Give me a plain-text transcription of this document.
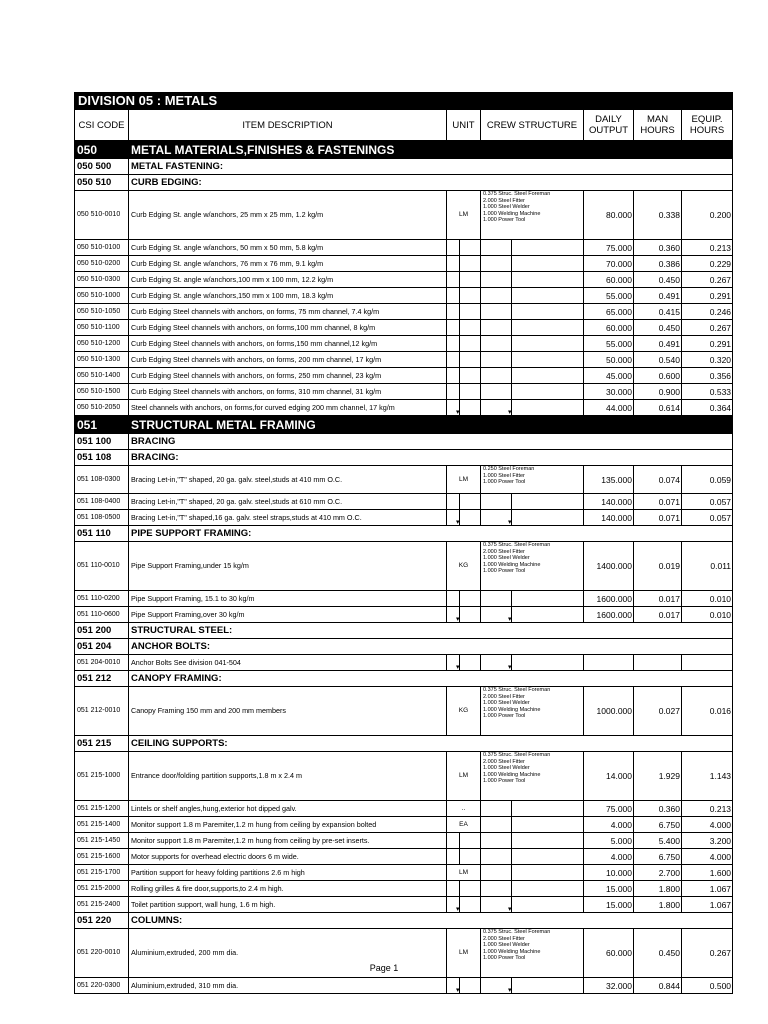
DIVISION 05 : METALS						
CSI CODE	ITEM DESCRIPTION	UNIT	CREW STRUCTURE	DAILY OUTPUT	MAN HOURS	EQUIP. HOURS
050	METAL MATERIALS,FINISHES & FASTENINGS					
050 500	METAL FASTENING:					
050 510	CURB EDGING:					
050 510-0010	Curb Edging St. angle w/anchors, 25 mm x 25 mm, 1.2 kg/m	LM	0.375 Struc. Steel Foreman
2.000 Steel Fitter
1.000 Steel Welder
1.000 Welding Machine
1.000 Power Tool	80.000	0.338	0.200
050 510-0100	Curb Edging St. angle w/anchors, 50 mm x 50 mm, 5.8 kg/m			75.000	0.360	0.213
050 510-0200	Curb Edging St. angle w/anchors, 76 mm x 76 mm, 9.1 kg/m			70.000	0.386	0.229
050 510-0300	Curb Edging St. angle w/anchors,100 mm x 100 mm, 12.2 kg/m			60.000	0.450	0.267
050 510-1000	Curb Edging St. angle w/anchors,150 mm x 100 mm, 18.3 kg/m			55.000	0.491	0.291
050 510-1050	Curb Edging Steel channels with anchors, on forms, 75 mm channel, 7.4 kg/m			65.000	0.415	0.246
050 510-1100	Curb Edging Steel channels with anchors, on forms,100 mm channel, 8 kg/m			60.000	0.450	0.267
050 510-1200	Curb Edging Steel channels with anchors, on forms,150 mm channel,12 kg/m			55.000	0.491	0.291
050 510-1300	Curb Edging Steel channels with anchors, on forms, 200 mm channel, 17 kg/m			50.000	0.540	0.320
050 510-1400	Curb Edging Steel channels with anchors, on forms, 250 mm channel, 23 kg/m			45.000	0.600	0.356
050 510-1500	Curb Edging Steel channels with anchors, on forms, 310 mm channel, 31 kg/m			30.000	0.900	0.533
050 510-2050	Steel channels with anchors, on forms,for curved edging 200 mm channel, 17 kg/m	▾	▾	44.000	0.614	0.364
051	STRUCTURAL METAL FRAMING					
051 100	BRACING					
051 108	BRACING:					
051 108-0300	Bracing Let-in,"T" shaped, 20 ga. galv. steel,studs at 410 mm O.C.	LM	0.250 Steel Foreman
1.000 Steel Fitter
1.000 Power Tool	135.000	0.074	0.059
051 108-0400	Bracing Let-in,"T" shaped, 20 ga. galv. steel,studs at 610 mm O.C.			140.000	0.071	0.057
051 108-0500	Bracing Let-in,"T" shaped,16 ga. galv. steel straps,studs at 410 mm O.C.	▾	▾	140.000	0.071	0.057
051 110	PIPE SUPPORT FRAMING:					
051 110-0010	Pipe Support Framing,under 15 kg/m	KG	0.375 Struc. Steel Foreman
2.000 Steel Fitter
1.000 Steel Welder
1.000 Welding Machine
1.000 Power Tool	1400.000	0.019	0.011
051 110-0200	Pipe Support Framing, 15.1 to 30 kg/m			1600.000	0.017	0.010
051 110-0600	Pipe Support Framing,over 30 kg/m	▾	▾	1600.000	0.017	0.010
051 200	STRUCTURAL STEEL:					
051 204	ANCHOR BOLTS:					
051 204-0010	Anchor Bolts See division 041-504	▾	▾			

051 212	CANOPY FRAMING:					
051 212-0010	Canopy Framing 150 mm and 200 mm members	KG	0.375 Struc. Steel Foreman
2.000 Steel Fitter
1.000 Steel Welder
1.000 Welding Machine
1.000 Power Tool	1000.000	0.027	0.016
051 215	CEILING SUPPORTS:					
051 215-1000	Entrance door/folding partition supports,1.8 m x 2.4 m	LM	0.375 Struc. Steel Foreman
2.000 Steel Fitter
1.000 Steel Welder
1.000 Welding Machine
1.000 Power Tool	14.000	1.929	1.143
051 215-1200	Lintels or shelf angles,hung,exterior hot dipped galv.	..		75.000	0.360	0.213
051 215-1400	Monitor support 1.8 m Paremiter,1.2 m hung from ceiling by expansion bolted	EA		4.000	6.750	4.000
051 215-1450	Monitor support 1.8 m Paremiter,1.2 m hung from ceiling by pre-set inserts.			5.000	5.400	3.200
051 215-1600	Motor supports for overhead electric doors 6 m wide.			4.000	6.750	4.000
051 215-1700	Partition support for heavy folding partitions 2.6 m high	LM		10.000	2.700	1.600
051 215-2000	Rolling grilles & fire door,supports,to 2.4 m high.			15.000	1.800	1.067
051 215-2400	Toilet partition support, wall hung, 1.6 m high.	▾	▾	15.000	1.800	1.067
051 220	COLUMNS:					
051 220-0010	Aluminium,extruded, 200 mm dia.	LM	0.375 Struc. Steel Foreman
2.000 Steel Fitter
1.000 Steel Welder
1.000 Welding Machine
1.000 Power Tool	60.000	0.450	0.267
051 220-0300	Aluminium,extruded, 310 mm dia.	▾	▾	32.000	0.844	0.500
Page 1
